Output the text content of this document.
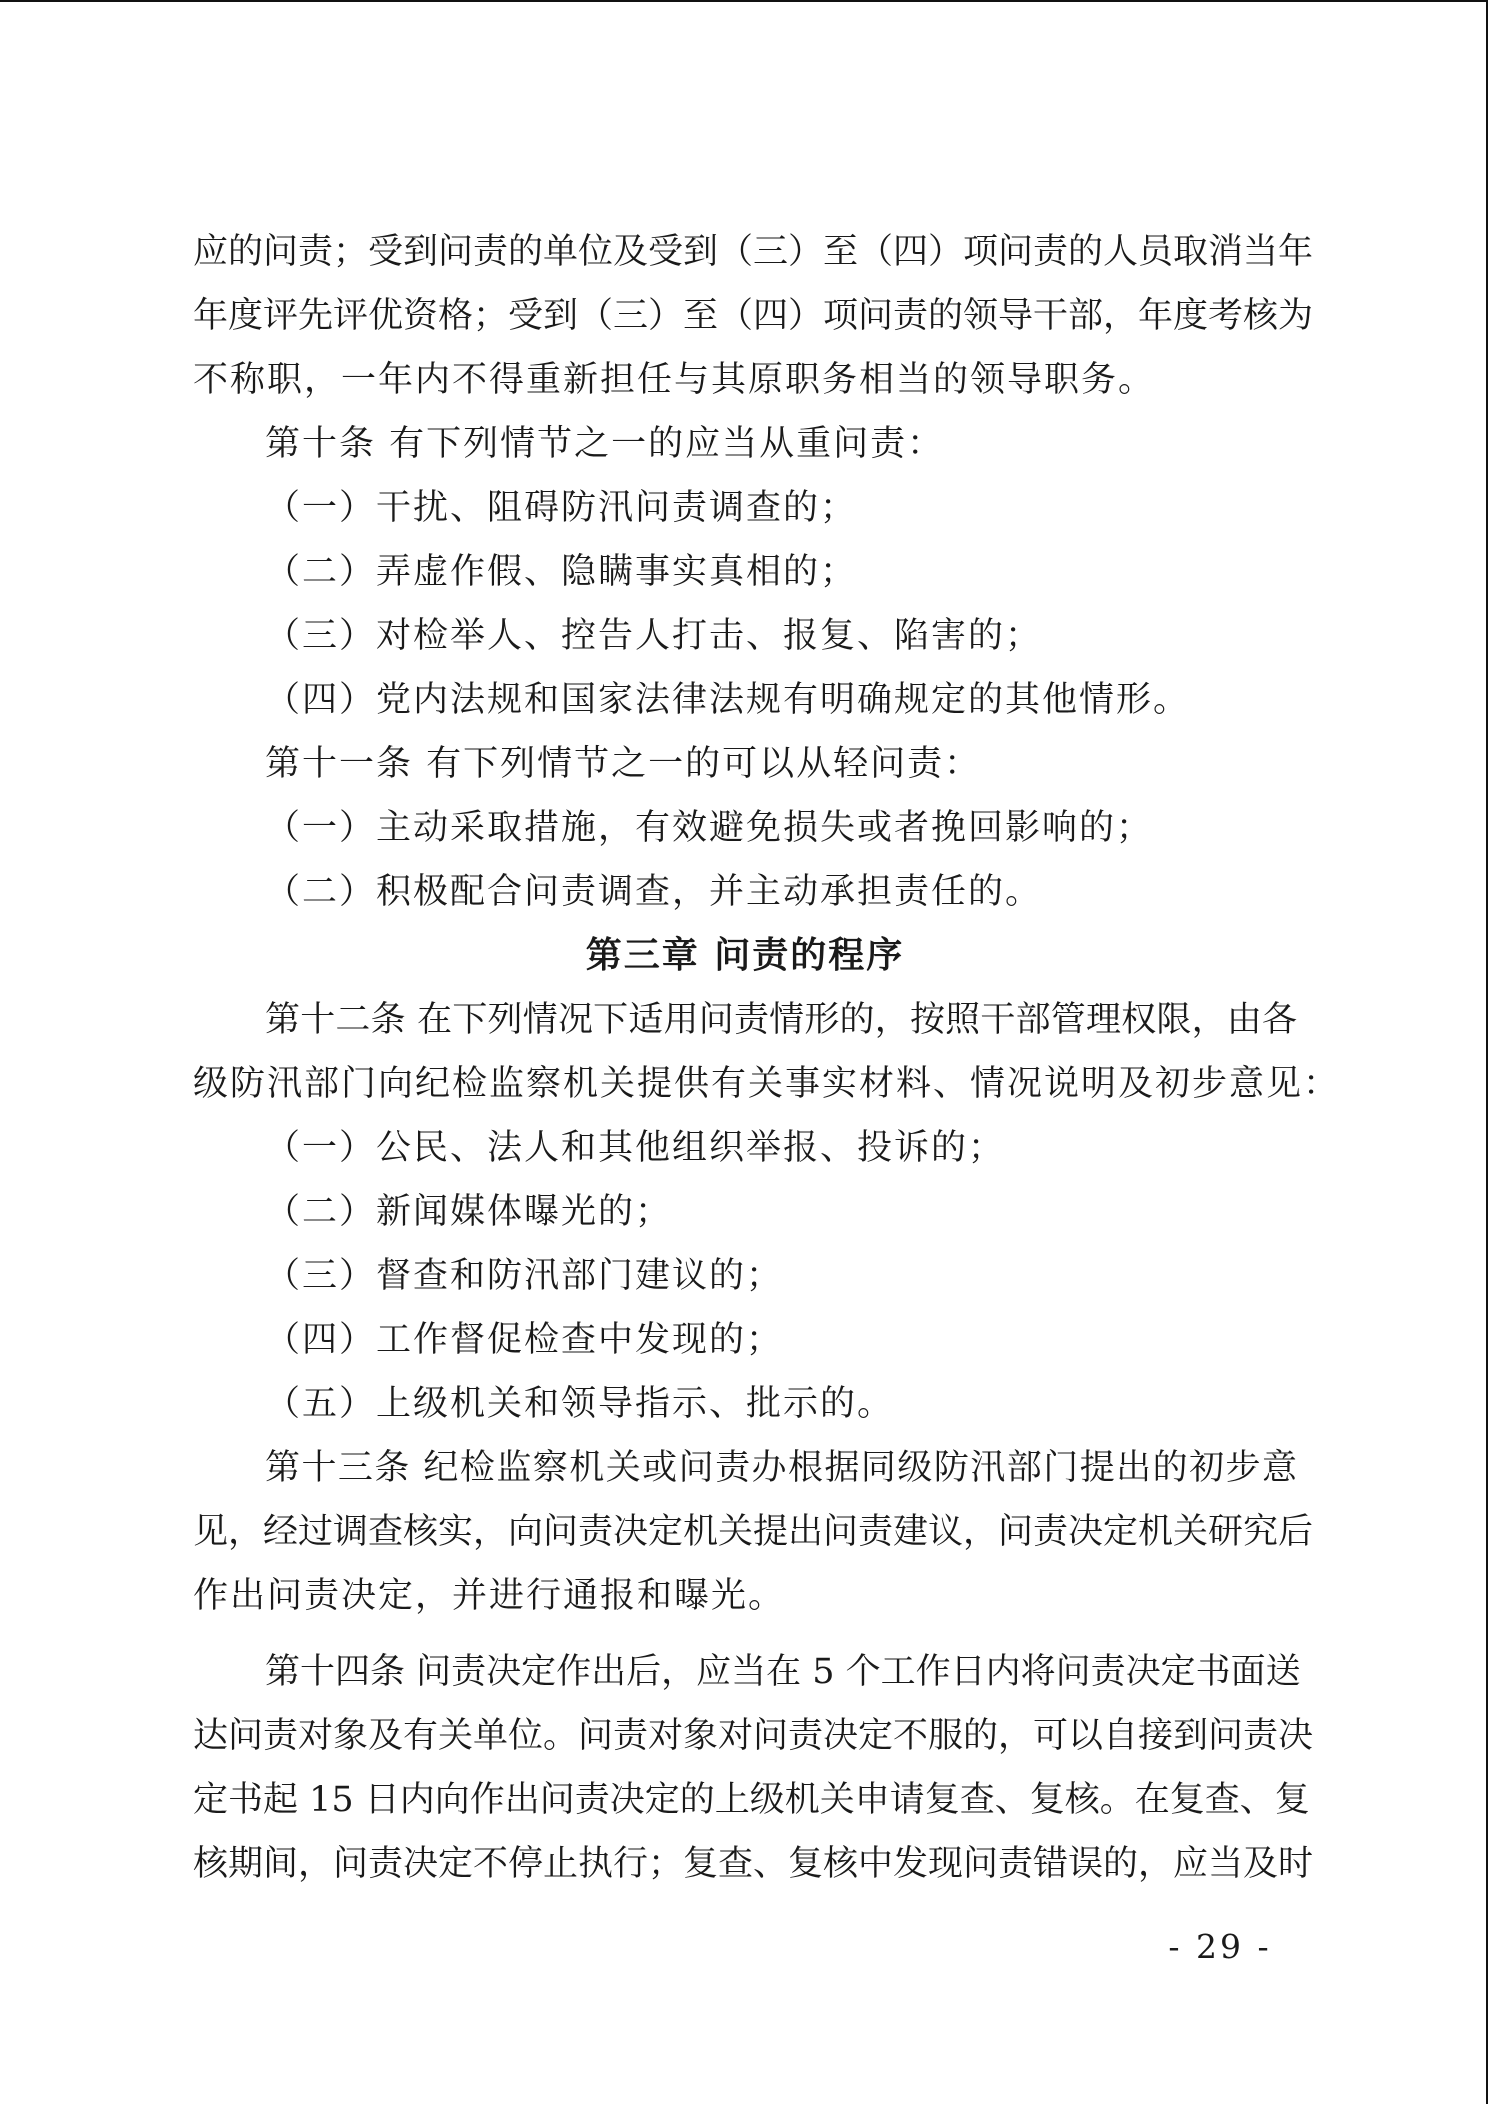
应的问责；受到问责的单位及受到（三）至（四）项问责的人员取消当年
年度评先评优资格；受到（三）至（四）项问责的领导干部，年度考核为
不称职，一年内不得重新担任与其原职务相当的领导职务。
第十条 有下列情节之一的应当从重问责：
（一）干扰、阻碍防汛问责调查的；
（二）弄虚作假、隐瞒事实真相的；
（三）对检举人、控告人打击、报复、陷害的；
（四）党内法规和国家法律法规有明确规定的其他情形。
第十一条 有下列情节之一的可以从轻问责：
（一）主动采取措施，有效避免损失或者挽回影响的；
（二）积极配合问责调查，并主动承担责任的。
第三章 问责的程序
第十二条 在下列情况下适用问责情形的，按照干部管理权限，由各
级防汛部门向纪检监察机关提供有关事实材料、情况说明及初步意见：
（一）公民、法人和其他组织举报、投诉的；
（二）新闻媒体曝光的；
（三）督查和防汛部门建议的；
（四）工作督促检查中发现的；
（五）上级机关和领导指示、批示的。
第十三条 纪检监察机关或问责办根据同级防汛部门提出的初步意
见，经过调查核实，向问责决定机关提出问责建议，问责决定机关研究后
作出问责决定，并进行通报和曝光。
第十四条 问责决定作出后，应当在 5 个工作日内将问责决定书面送
达问责对象及有关单位。问责对象对问责决定不服的，可以自接到问责决
定书起 15 日内向作出问责决定的上级机关申请复查、复核。在复查、复
核期间，问责决定不停止执行；复查、复核中发现问责错误的，应当及时
- 29 -
